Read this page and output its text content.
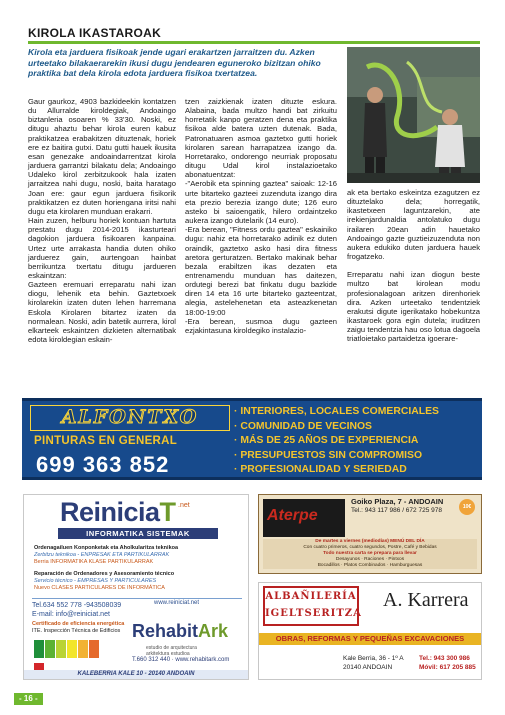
KIROLA IKASTAROAK
Kirola eta jarduera fisikoak jende ugari erakartzen jarraitzen du. Azken urteetako bilakaerarekin ikusi dugu jendearen eguneroko bizitzan ohiko praktika bat dela kirola edota jarduera fisikoa txertatzea.

Gaur gaurkoz, 4903 bazkideekin kontatzen du Allurralde kiroldegiak, Andoaingo biztanleria osoaren % 33'30. Noski, ez ditugu ahaztu behar kirola euren kabuz praktikatzea erabakitzen dituztenak, horiek ere ez baitira gutxi. Datu gutti hauek ikusita esan genezake andoaindarrentzat kirola jarduera garrantzi bilakatu dela; Andoaingo Udaleko kirol zerbitzukook hala izaten jarraitzea nahi dugu, noski, baita haratago Joan ere: gaur egun jarduera fisikorik praktikatzen ez duten horiengana iritsi nahi dugu eta kirolaren munduan erakarri.

Hain zuzen, helburu horiek kontuan hartuta prestatu dugu 2014-2015 ikasturteari dagokion jarduera fisikoaren kanpaina. Urtez urte arrakasta handia duten ohiko jarduerez gain, aurtengoan hainbat berrikuntza txertatu ditugu jardueren eskaintzan:

Gazteen eremuari erreparatu nahi izan diogu, lehenik eta behin. Gaztetxoek kirolarekin izaten duten lehen harremana Eskola Kirolaren bitartez izaten da normalean. Noski, adin batetik aurrera, kirol elkarteek eskaintzen dizkieten alternatibak edota kiroldegian eskain-

tzen zaizkienak izaten dituzte eskura. Alabaina, bada multzo handi bat zirkuitu horretatik kanpo geratzen dena eta praktika fisikoa alde batera uzten dutenak. Bada, Patronatuaren asmoa gaztetxo gutti horiek kirolaren sarean harrapatzea izango da. Horretarako, ondorengo neurriak proposatu ditugu Udal kirol instalazioetako abonatuentzat:

-"Aerobik eta spinning gaztea" saioak: 12-16 urte bitarteko gazteei zuzenduta izango dira eta prezio berezia izango dute; 126 euro asteko bi saioengatik, hilero ordaintzeko aukera izango dutelarik (14 euro).

-Era berean, "Fitness ordu gaztea" eskainiko dugu: nahiz eta horretarako adinik ez duten oraindik, gaztetxo asko hasi dira fitness aretora gerturatzen. Bertako makinak behar bezala erabiltzen ikas dezaten eta entrenamendu munduan has daitezen, ordutegi berezi bat finkatu dugu bazkide diren 14 eta 16 urte bitarteko gazteentzat, alegia, astelehenetan eta asteazkenetan 18:00-19:00

-Era berean, susmoa dugu gazteen ezjakintasuna kiroldegiko instalazio-

ak eta bertako eskeintza ezagutzen ez dituztelako dela; horregatik, ikastetxeen laguntzarekin, ate irekienjardunaldia antolatuko dugu irailaren 20ean adin hauetako Andoaingo gazte guztieizuzenduta non aukera edukiko duten jarduera hauek frogatzeko.

Erreparatu nahi izan diogun beste multzo bat kirolean modu profesionalagoan aritzen direnhoriek dira. Azken urteetako tendentziek erakutsi digute igerikatako hobekuntza ikastaroek gora egin dutela; iruditzen zaigu tendentzia hau oso lotua dagoela triatloietako partaidetza igoerare-

ALFONTXO
PINTURAS EN GENERAL
699 363 852
· INTERIORES, LOCALES COMERCIALES
· COMUNIDAD DE VECINOS
· MÁS DE 25 AÑOS DE EXPERIENCIA
· PRESUPUESTOS SIN COMPROMISO
· PROFESIONALIDAD Y SERIEDAD
ReiniciaT .net
INFORMATIKA SISTEMAK
Ordenagailuen Konponketak eta Aholkularitza teknikoa
Zerbitzu teknikoa - ENPRESAK ETA PARTIKULARRAK
Berria INFORMATIKA KLASE PARTIKULARRAK
Reparación de Ordenadores y Asesoramiento técnico
Servicio técnico - EMPRESAS Y PARTICULARES
Nuevo CLASES PARTICULARES DE INFORMÁTICA
Tel.634 552 778 -943508039
E-mail: info@reiniciat.net
www.reiniciat.net
Certificado de eficiencia energética
ITE. Inspección Técnica de Edificios RehabitArk
estudio de arquitectura
arkitektura estudioa
T.660 312 440 · www.rehabitark.com
KALEBERRIA KALE 10 - 20140 ANDOAIN
Aterpe
Goiko Plaza, 7 - ANDOAIN
Tel.: 943 117 986 / 672 725 978	10€
De martes a viernes (mediodías) MENÚ DEL DÍA
Con cuatro primeros, cuatro segundos, Postre, Café y Bebidas
Todo nuestra carta se prepara para llevar
Desayunos · Raciones · Pintxos
Bocadillos · Platos Combinados · Hamburguesas
ALBAÑILERÍA
IGELTSERITZA
A. Karrera
OBRAS, REFORMAS Y PEQUEÑAS EXCAVACIONES
Kale Berria, 36 - 1º A
20140 ANDOAIN
Tel.: 943 300 986
Móvil: 617 205 885
- 16 -
